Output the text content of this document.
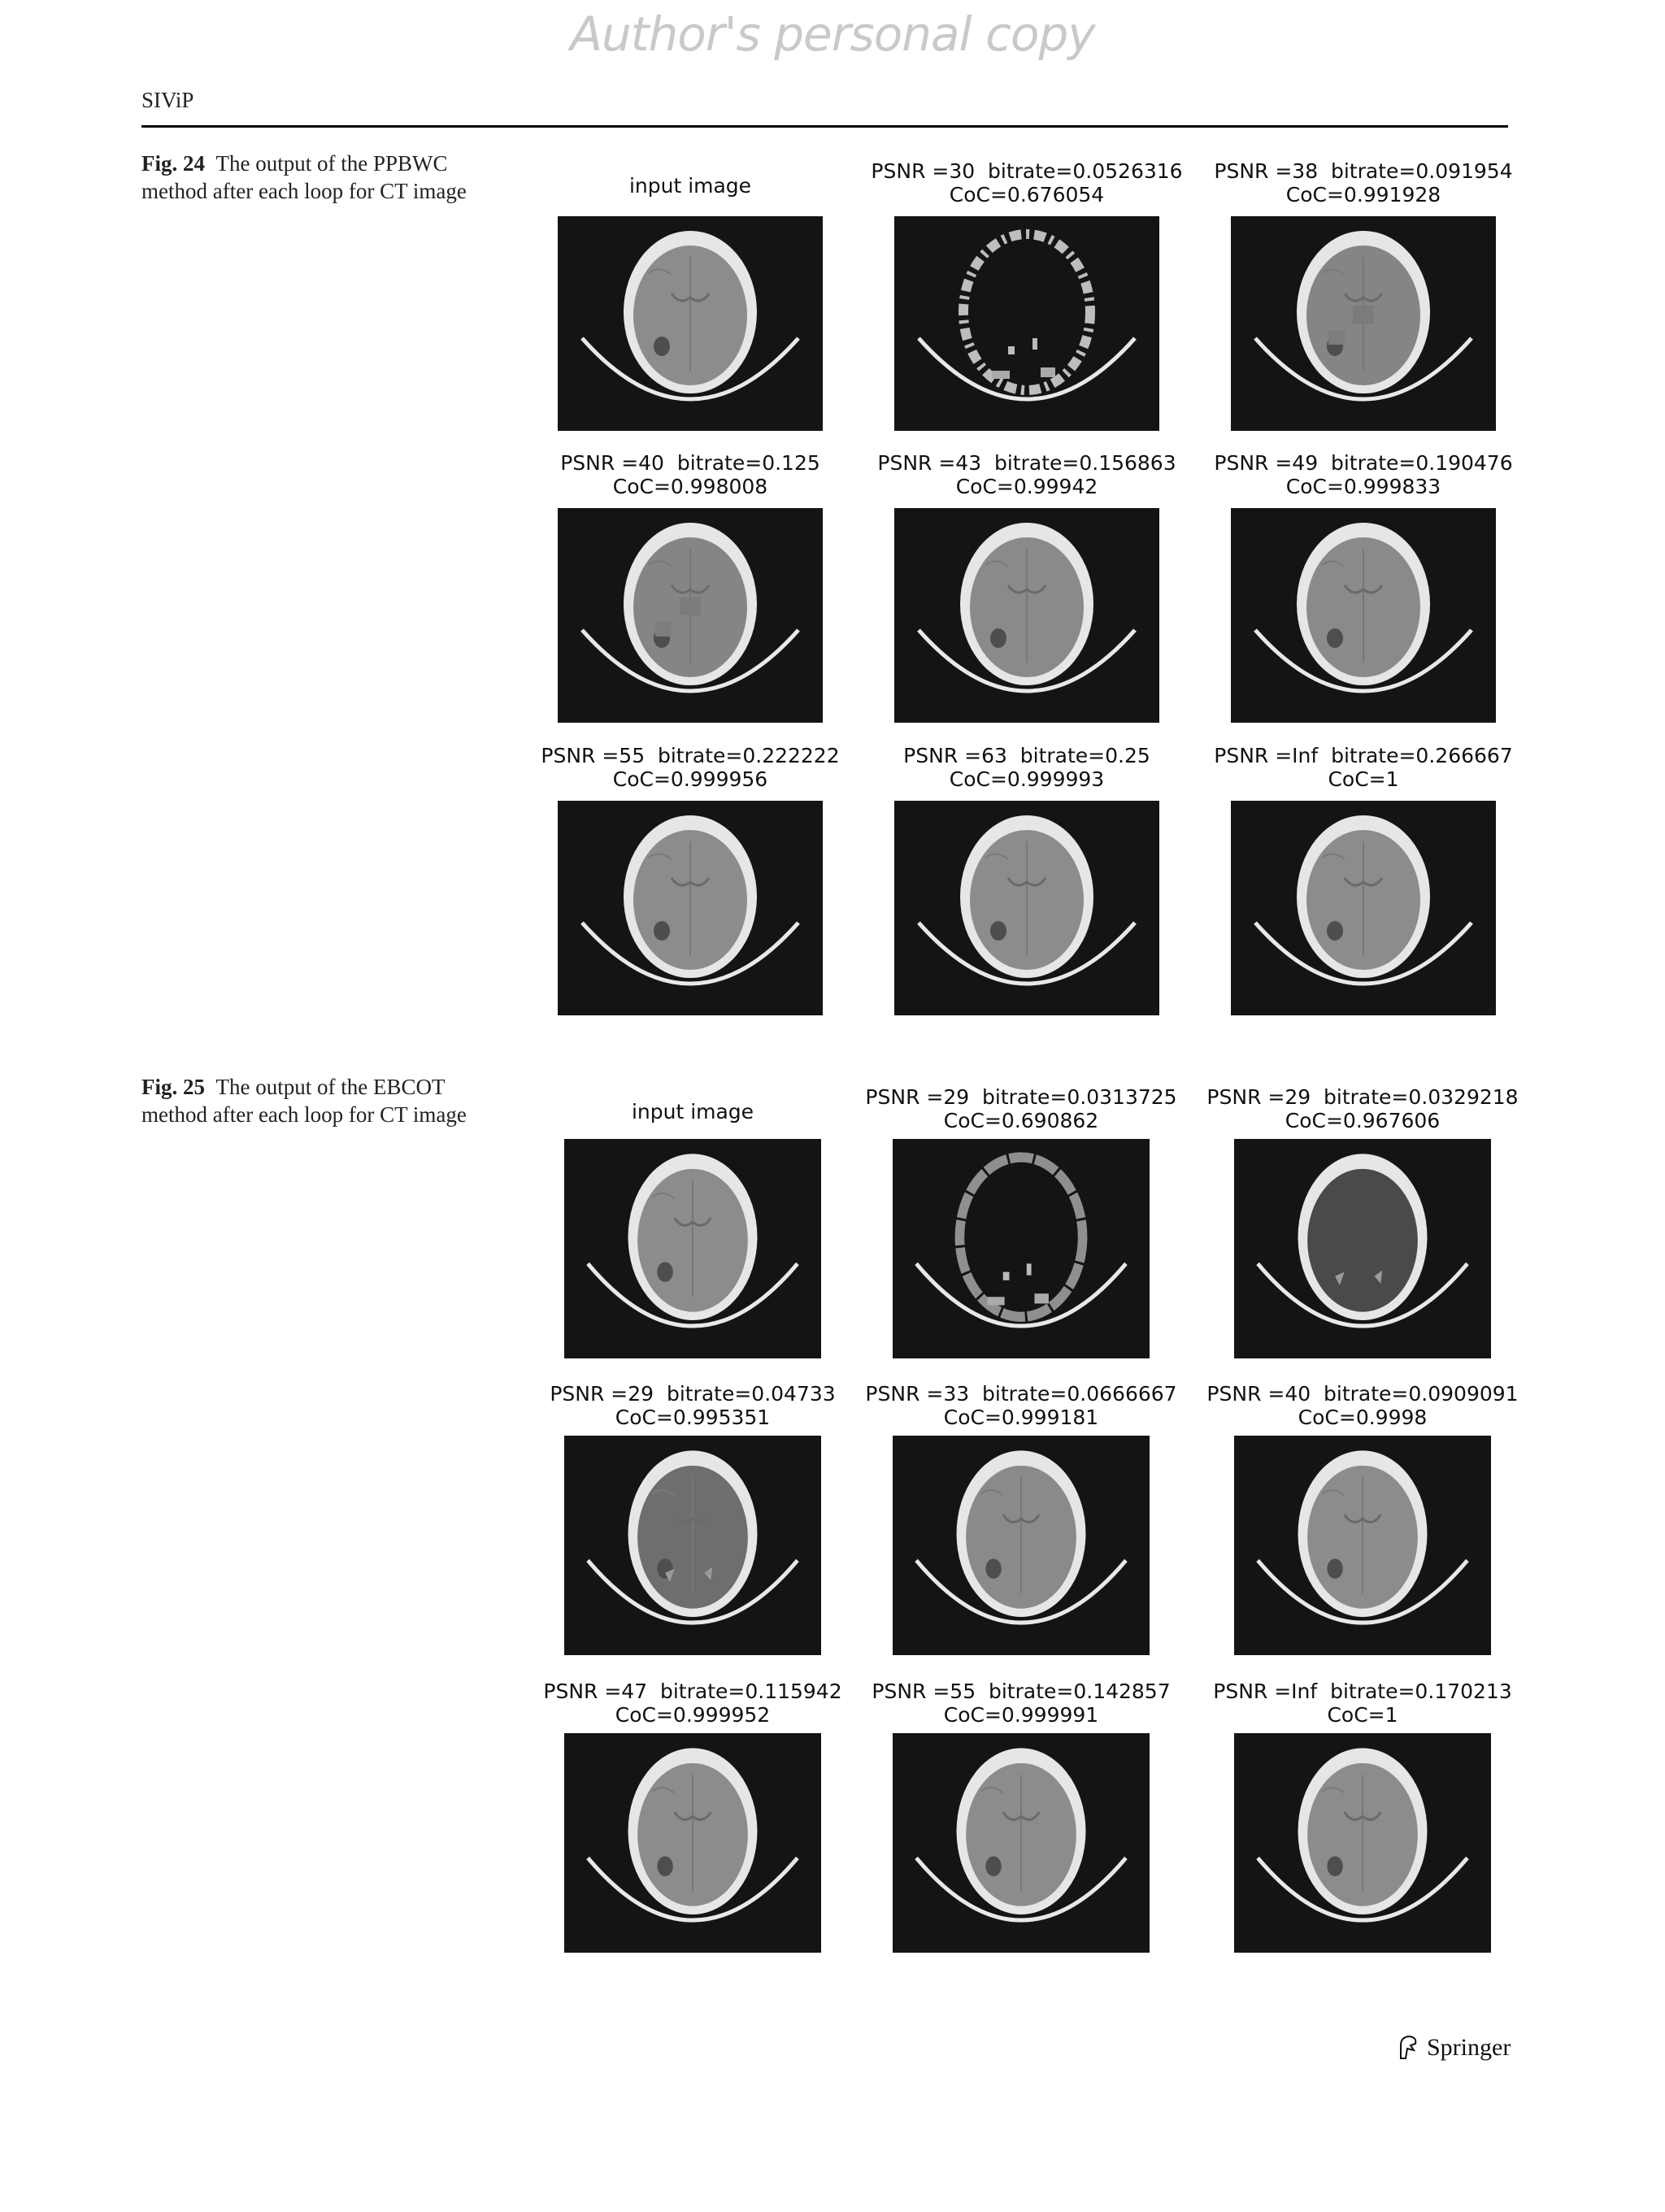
Author's personal copy
SIViP
Fig. 24 The output of the PPBWC method after each loop for CT image	input image
PSNR =30  bitrate=0.0526316
CoC=0.676054
PSNR =38  bitrate=0.091954
CoC=0.991928
PSNR =40  bitrate=0.125
CoC=0.998008
PSNR =43  bitrate=0.156863
CoC=0.99942
PSNR =49  bitrate=0.190476
CoC=0.999833
PSNR =55  bitrate=0.222222
CoC=0.999956
PSNR =63  bitrate=0.25
CoC=0.999993
PSNR =Inf  bitrate=0.266667
CoC=1
Fig. 25 The output of the EBCOT method after each loop for CT image	input image
PSNR =29  bitrate=0.0313725
CoC=0.690862
PSNR =29  bitrate=0.0329218
CoC=0.967606
PSNR =29  bitrate=0.04733
CoC=0.995351
PSNR =33  bitrate=0.0666667
CoC=0.999181
PSNR =40  bitrate=0.0909091
CoC=0.9998
PSNR =47  bitrate=0.115942
CoC=0.999952
PSNR =55  bitrate=0.142857
CoC=0.999991
PSNR =Inf  bitrate=0.170213
CoC=1
Springer
